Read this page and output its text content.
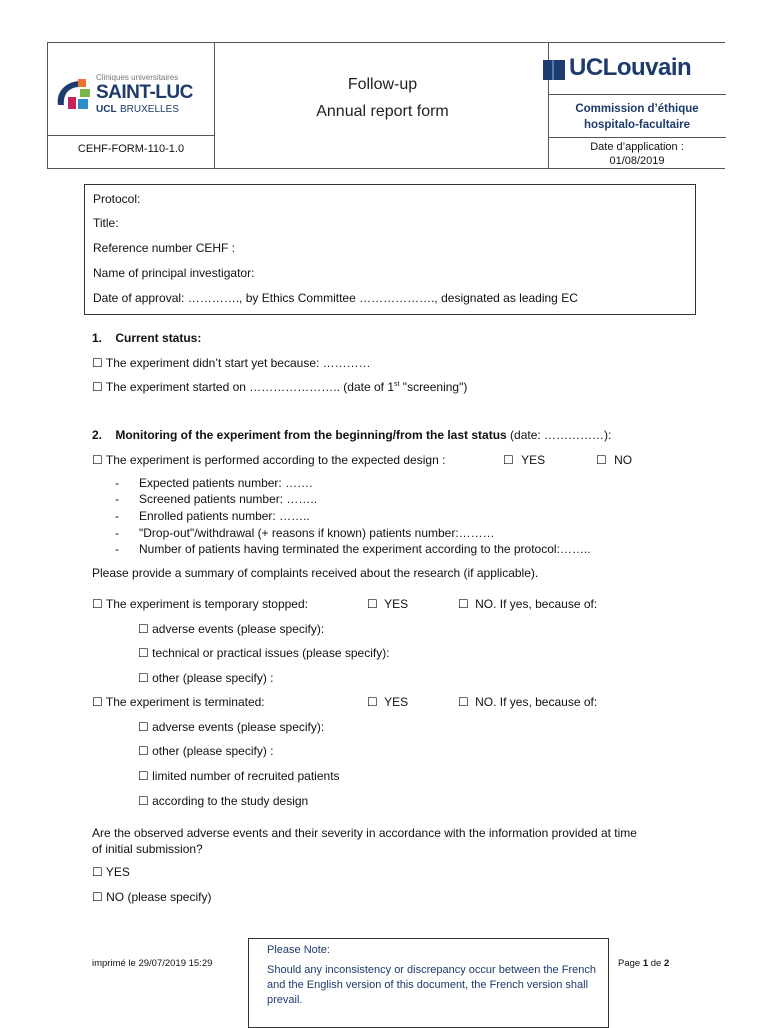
Cliniques universitaires
SAINT-LUC
UCL BRUXELLES
CEHF-FORM-110-1.0
Follow-up
Annual report form
UCLouvain
Commission d’éthique
hospitalo-facultaire
Date d’application :
01/08/2019
Protocol:
Title:
Reference number CEHF :
Name of principal investigator:
Date of approval: …………., by Ethics Committee ………………., designated as leading EC
1.    Current status:
☐ The experiment didn’t start yet because: …………
☐ The experiment started on ………………….. (date of 1st "screening")
2.    Monitoring of the experiment from the beginning/from the last status (date: ……………):
☐ The experiment is performed according to the expected design :	☐ YES	☐ NO
- Expected patients number: …….
- Screened patients number: ……..
- Enrolled patients number: ……..
- "Drop-out"/withdrawal (+ reasons if known) patients number:………
- Number of patients having terminated the experiment according to the protocol:……..
Please provide a summary of complaints received about the research (if applicable).
☐ The experiment is temporary stopped:	☐ YES	☐ NO. If yes, because of:
☐ adverse events (please specify):
☐ technical or practical issues (please specify):
☐ other (please specify) :
☐ The experiment is terminated:	☐ YES	☐ NO. If yes, because of:
☐ adverse events (please specify):
☐ other (please specify) :
☐ limited number of recruited patients
☐ according to the study design
Are the observed adverse events and their severity in accordance with the information provided at time
of initial submission?
☐ YES
☐ NO (please specify)
imprimé le 29/07/2019 15:29
Please Note:
Should any inconsistency or discrepancy occur between the French and the English version of this document, the French version shall prevail.
Page 1 de 2
